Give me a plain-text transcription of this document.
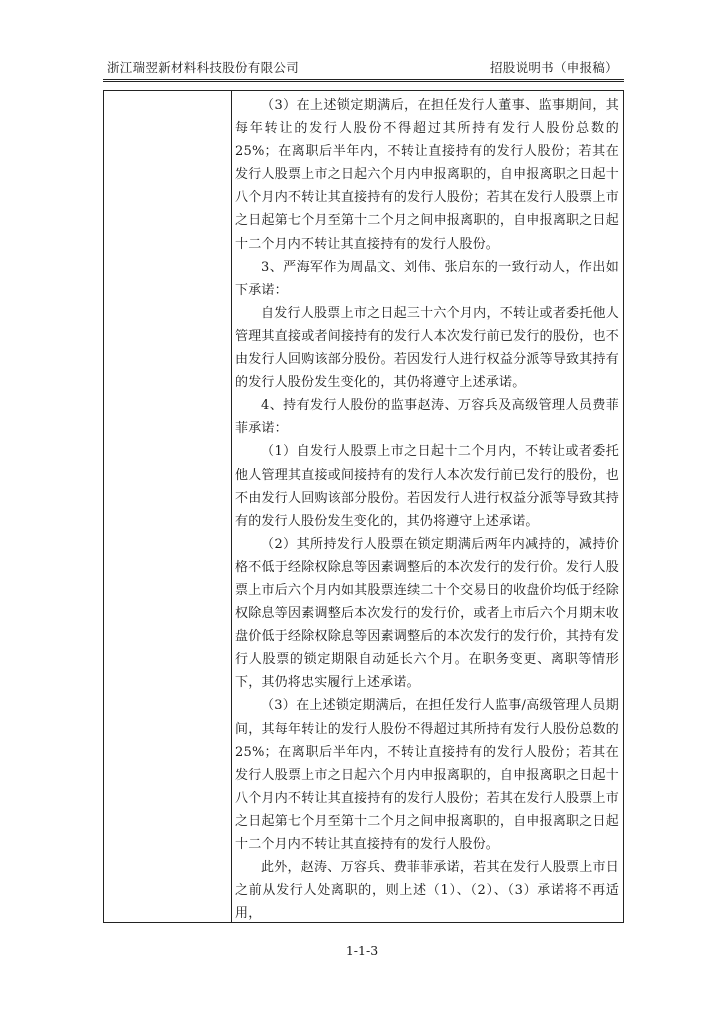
浙江瑞翌新材料科技股份有限公司	招股说明书（申报稿）

（3）在上述锁定期满后，在担任发行人董事、监事期间，其每年转让的发行人股份不得超过其所持有发行人股份总数的 25%；在离职后半年内，不转让直接持有的发行人股份；若其在发行人股票上市之日起六个月内申报离职的，自申报离职之日起十八个月内不转让其直接持有的发行人股份；若其在发行人股票上市之日起第七个月至第十二个月之间申报离职的，自申报离职之日起十二个月内不转让其直接持有的发行人股份。

3、严海军作为周晶文、刘伟、张启东的一致行动人，作出如下承诺：

自发行人股票上市之日起三十六个月内，不转让或者委托他人管理其直接或者间接持有的发行人本次发行前已发行的股份，也不由发行人回购该部分股份。若因发行人进行权益分派等导致其持有的发行人股份发生变化的，其仍将遵守上述承诺。

4、持有发行人股份的监事赵涛、万容兵及高级管理人员费菲菲承诺：

（1）自发行人股票上市之日起十二个月内，不转让或者委托他人管理其直接或间接持有的发行人本次发行前已发行的股份，也不由发行人回购该部分股份。若因发行人进行权益分派等导致其持有的发行人股份发生变化的，其仍将遵守上述承诺。

（2）其所持发行人股票在锁定期满后两年内减持的，减持价格不低于经除权除息等因素调整后的本次发行的发行价。发行人股票上市后六个月内如其股票连续二十个交易日的收盘价均低于经除权除息等因素调整后本次发行的发行价，或者上市后六个月期末收盘价低于经除权除息等因素调整后的本次发行的发行价，其持有发行人股票的锁定期限自动延长六个月。在职务变更、离职等情形下，其仍将忠实履行上述承诺。

（3）在上述锁定期满后，在担任发行人监事/高级管理人员期间，其每年转让的发行人股份不得超过其所持有发行人股份总数的 25%；在离职后半年内，不转让直接持有的发行人股份；若其在发行人股票上市之日起六个月内申报离职的，自申报离职之日起十八个月内不转让其直接持有的发行人股份；若其在发行人股票上市之日起第七个月至第十二个月之间申报离职的，自申报离职之日起十二个月内不转让其直接持有的发行人股份。

此外，赵涛、万容兵、费菲菲承诺，若其在发行人股票上市日之前从发行人处离职的，则上述（1）、（2）、（3）承诺将不再适用，

1-1-3
